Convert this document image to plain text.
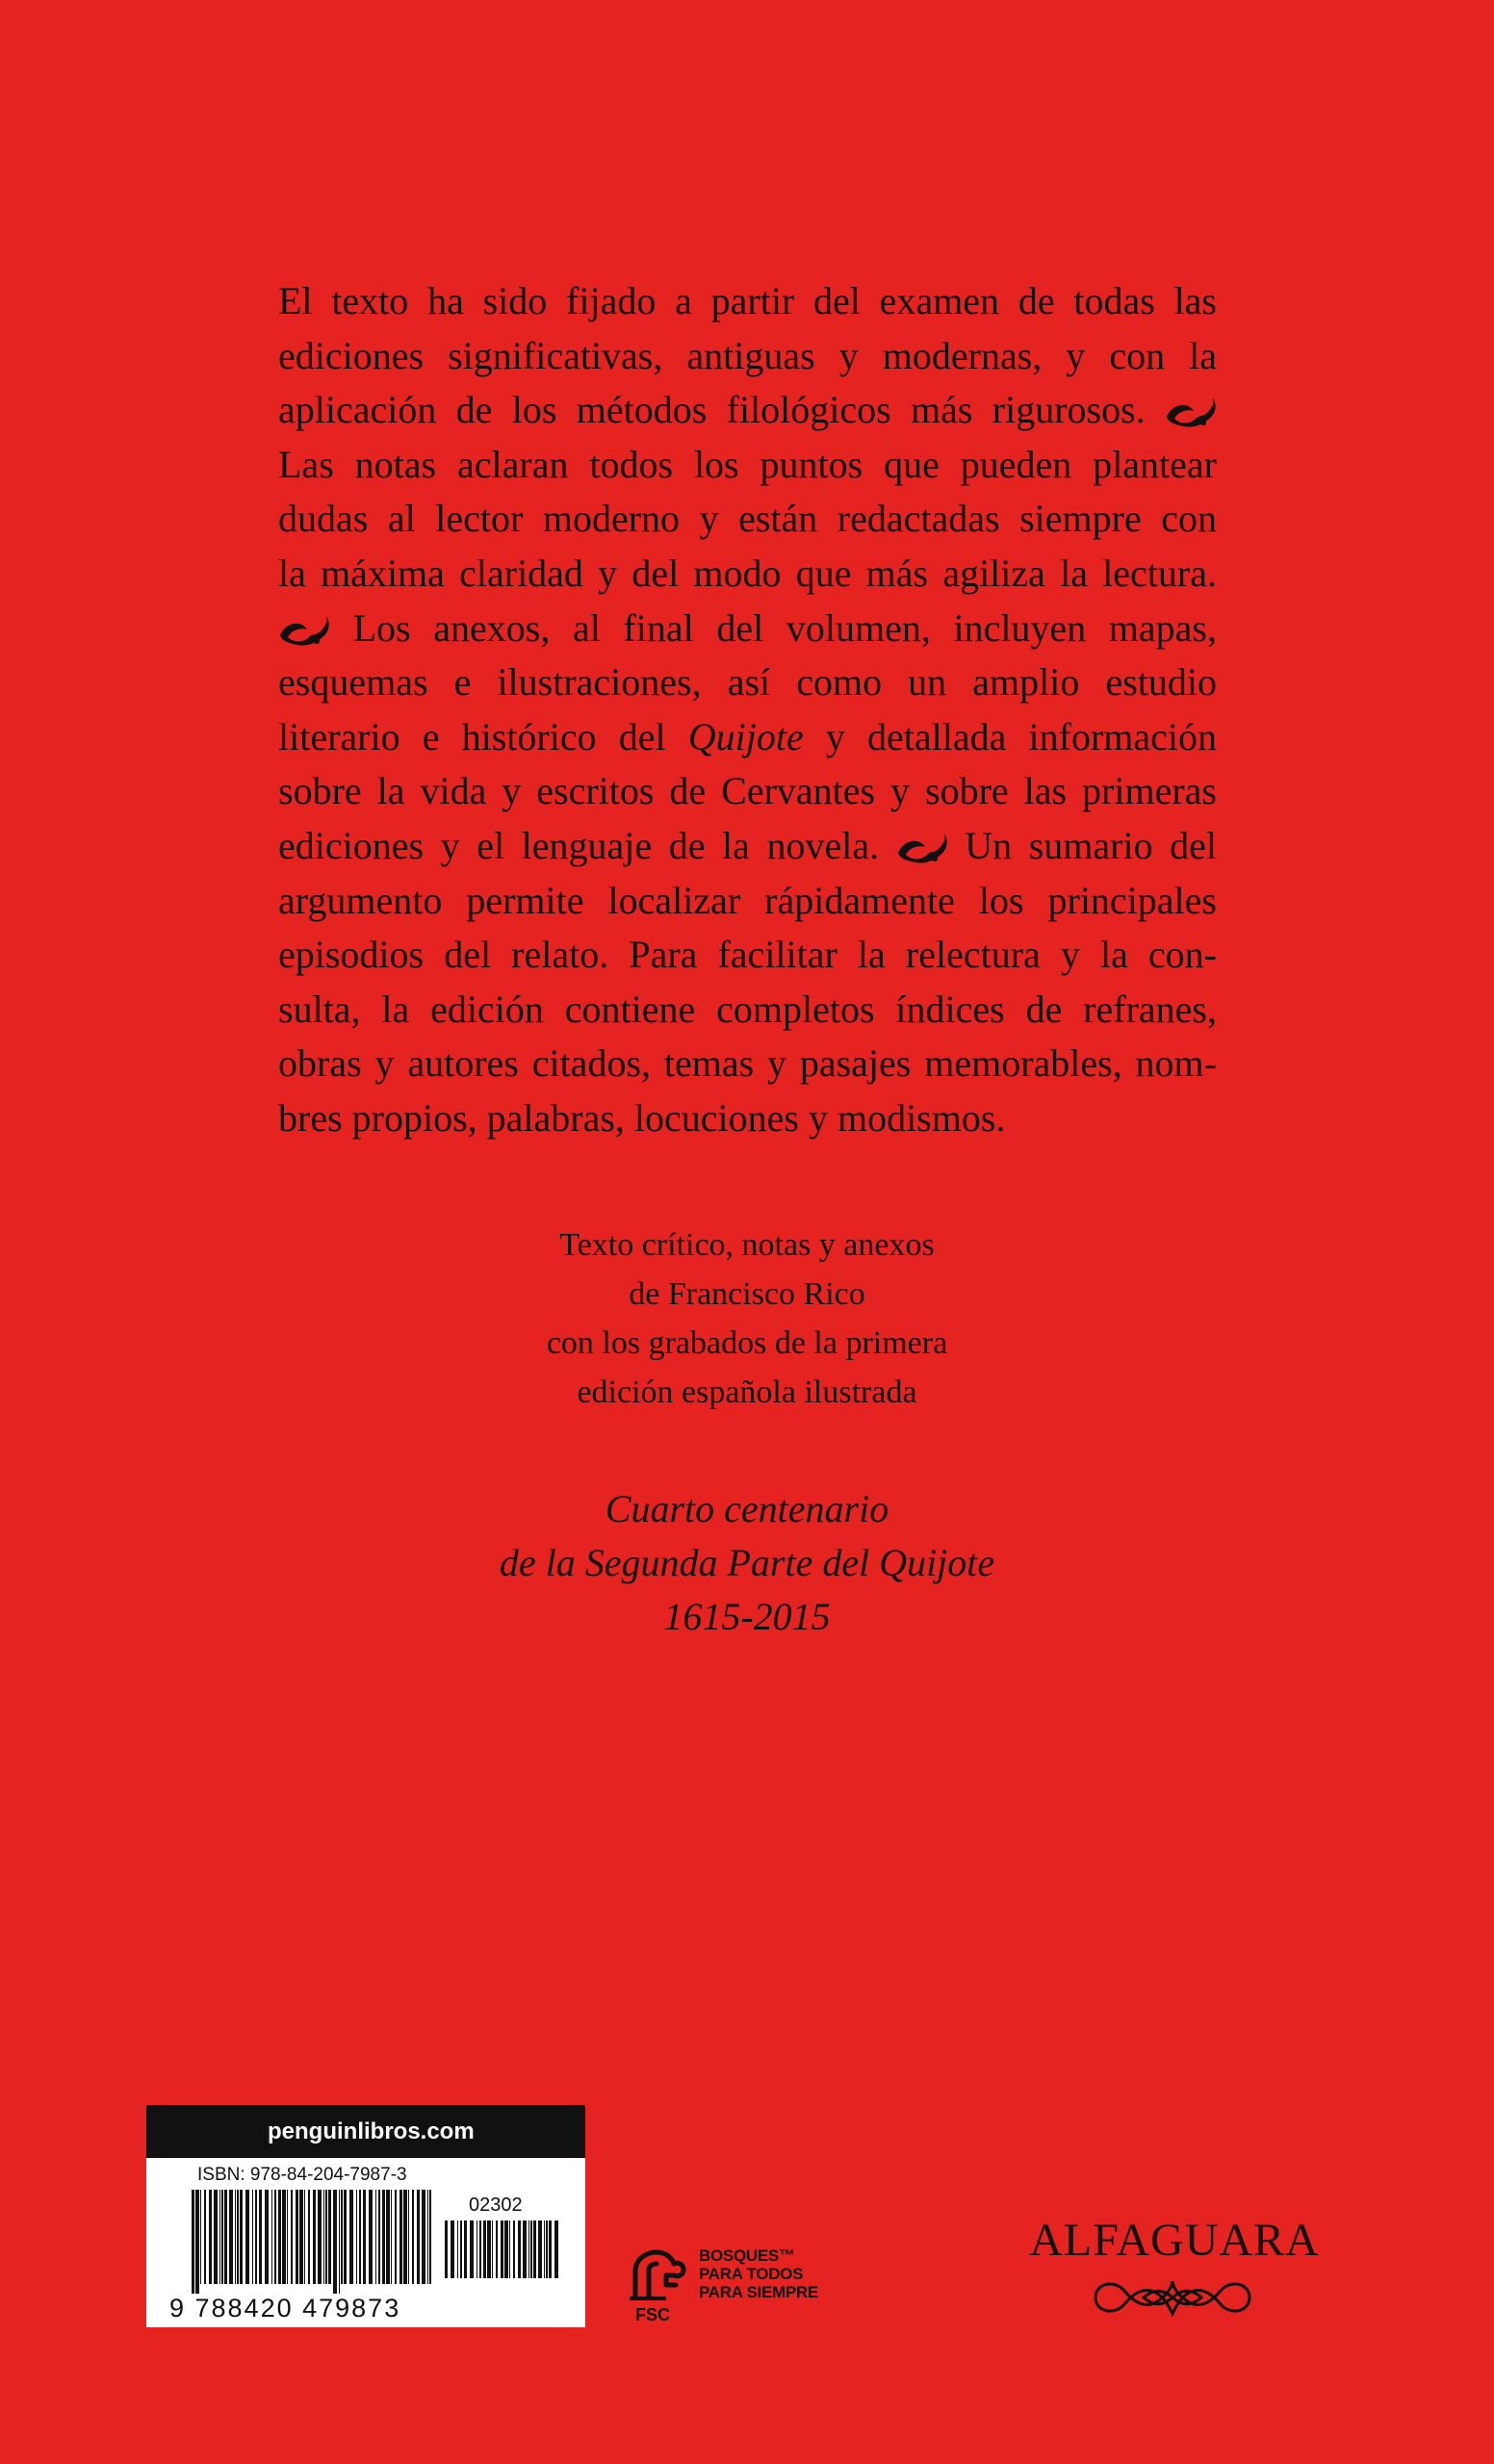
El texto ha sido fijado a partir del examen de todas las
ediciones significativas, antiguas y modernas, y con la
aplicación de los métodos filológicos más rigurosos.
Las notas aclaran todos los puntos que pueden plantear
dudas al lector moderno y están redactadas siempre con
la máxima claridad y del modo que más agiliza la lectura.
Los anexos, al final del volumen, incluyen mapas,
esquemas e ilustraciones, así como un amplio estudio
literario e histórico del Quijote y detallada información
sobre la vida y escritos de Cervantes y sobre las primeras
ediciones y el lenguaje de la novela. Un sumario del
argumento permite localizar rápidamente los principales
episodios del relato. Para facilitar la relectura y la con-
sulta, la edición contiene completos índices de refranes,
obras y autores citados, temas y pasajes memorables, nom-
bres propios, palabras, locuciones y modismos.
Texto crítico, notas y anexos
de Francisco Rico
con los grabados de la primera
edición española ilustrada
Cuarto centenario
de la Segunda Parte del Quijote
1615-2015
penguinlibros.com
ISBN: 978-84-204-7987-3
02302
9 788420 479873	FSC
BOSQUES™
PARA TODOS
PARA SIEMPRE
ALFAGUARA
